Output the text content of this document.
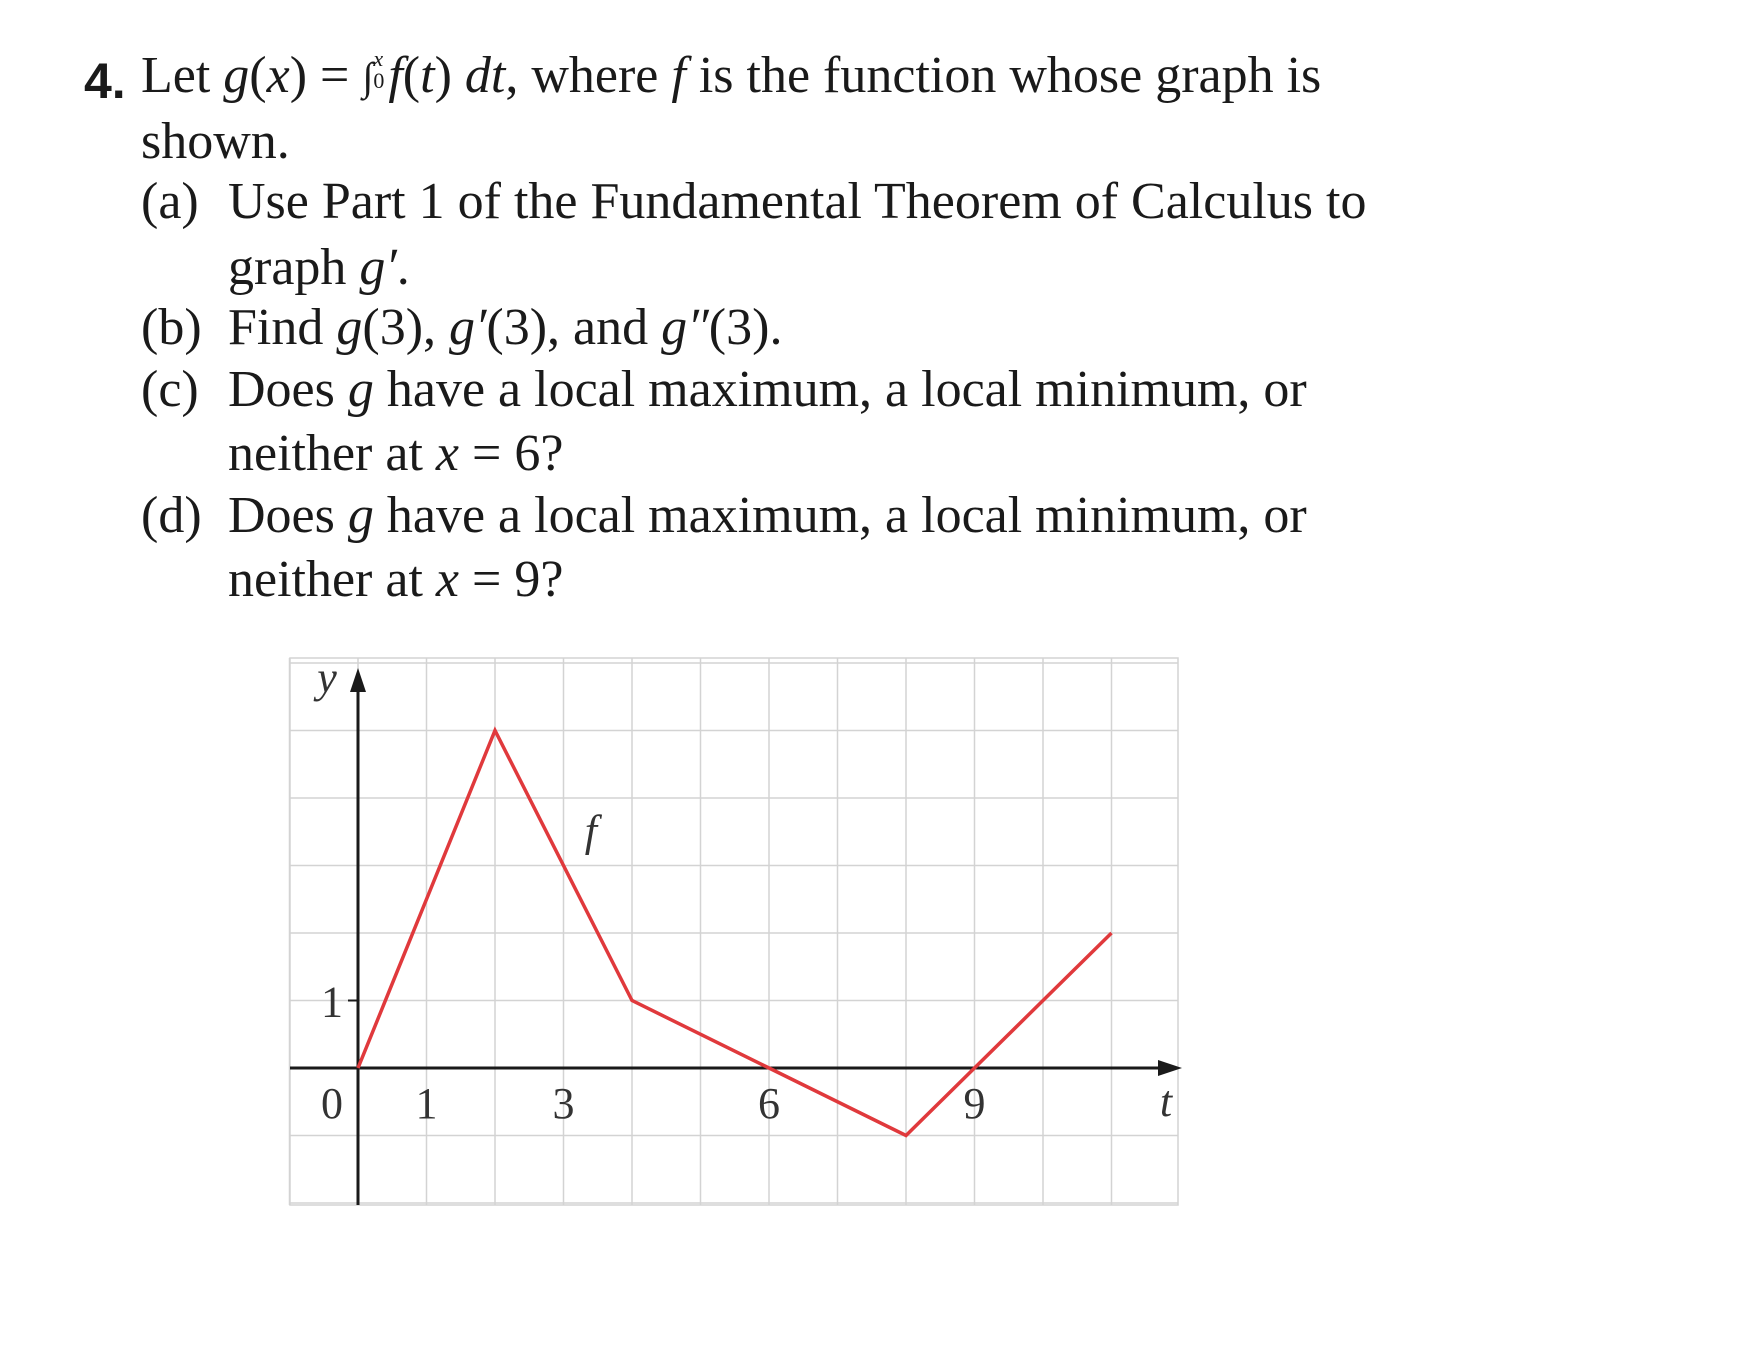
4. Let g(x) = ∫x
0 f(t) dt, where f is the function whose graph is
shown.
(a) Use Part 1 of the Fundamental Theorem of Calculus to
graph g′.
(b) Find g(3), g′(3), and g″(3).
(c) Does g have a local maximum, a local minimum, or
neither at x = 6?
(d) Does g have a local maximum, a local minimum, or
neither at x = 9?
0 1	3	6	9
1
y
t
f
